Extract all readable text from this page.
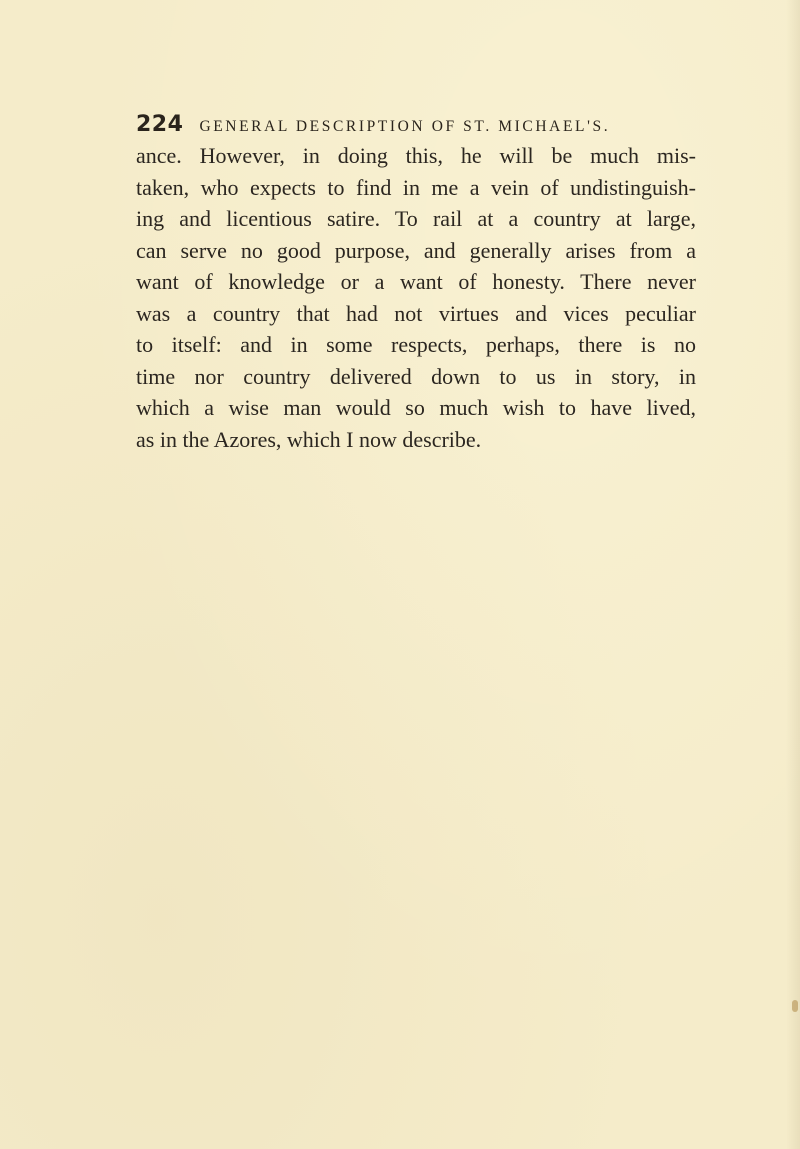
224 GENERAL DESCRIPTION OF ST. MICHAEL'S.
ance. However, in doing this, he will be much mis-
taken, who expects to find in me a vein of undistinguish-
ing and licentious satire. To rail at a country at large,
can serve no good purpose, and generally arises from a
want of knowledge or a want of honesty. There never
was a country that had not virtues and vices peculiar
to itself: and in some respects, perhaps, there is no
time nor country delivered down to us in story, in
which a wise man would so much wish to have lived,
as in the Azores, which I now describe.
